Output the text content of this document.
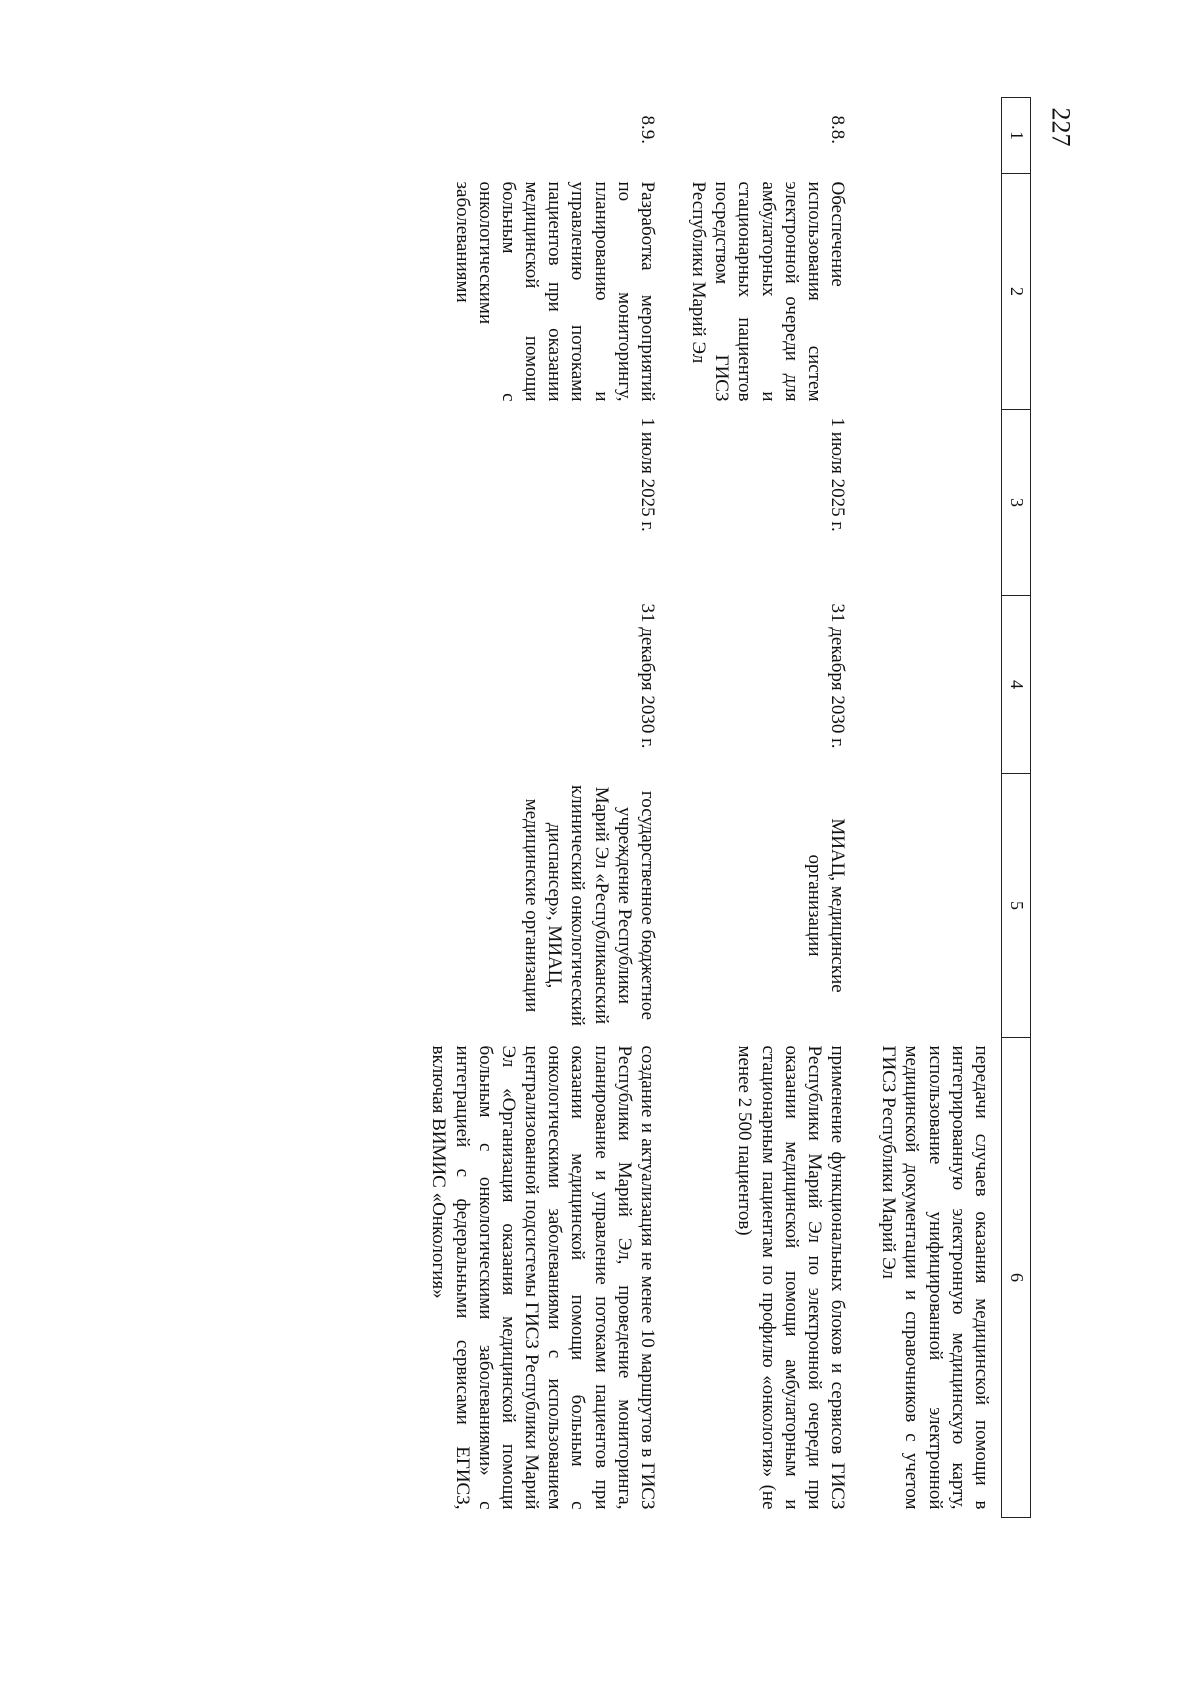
227
1	2	3	4	5	6
					передачи случаев оказания медицинской помощи в интегрированную электронную медицинскую карту, использование унифицированной электронной медицинской документации и справочников с учетом ГИСЗ Республики Марий Эл
8.8.	Обеспечение использования систем электронной очереди для амбулаторных и стационарных пациентов посредством ГИСЗ Республики Марий Эл	1 июля 2025 г.	31 декабря 2030 г.	МИАЦ, медицинские организации	применение функциональных блоков и сервисов ГИСЗ Республики Марий Эл по электронной очереди при оказании медицинской помощи амбулаторным и стационарным пациентам по профилю «онкология» (не менее 2 500 пациентов)
8.9.	Разработка мероприятий по мониторингу, планированию и управлению потоками пациентов при оказании медицинской помощи больным с онкологическими заболеваниями	1 июля 2025 г.	31 декабря 2030 г.	государственное бюджетное учреждение Республики Марий Эл «Республиканский клинический онкологический диспансер», МИАЦ, медицинские организации	создание и актуализация не менее 10 маршрутов в ГИСЗ Республики Марий Эл, проведение мониторинга, планирование и управление потоками пациентов при оказании медицинской помощи больным с онкологическими заболеваниями с использованием централизованной подсистемы ГИСЗ Республики Марий Эл «Организация оказания медицинской помощи больным с онкологическими заболеваниями» с интеграцией с федеральными сервисами ЕГИСЗ, включая ВИМИС «Онкология»
